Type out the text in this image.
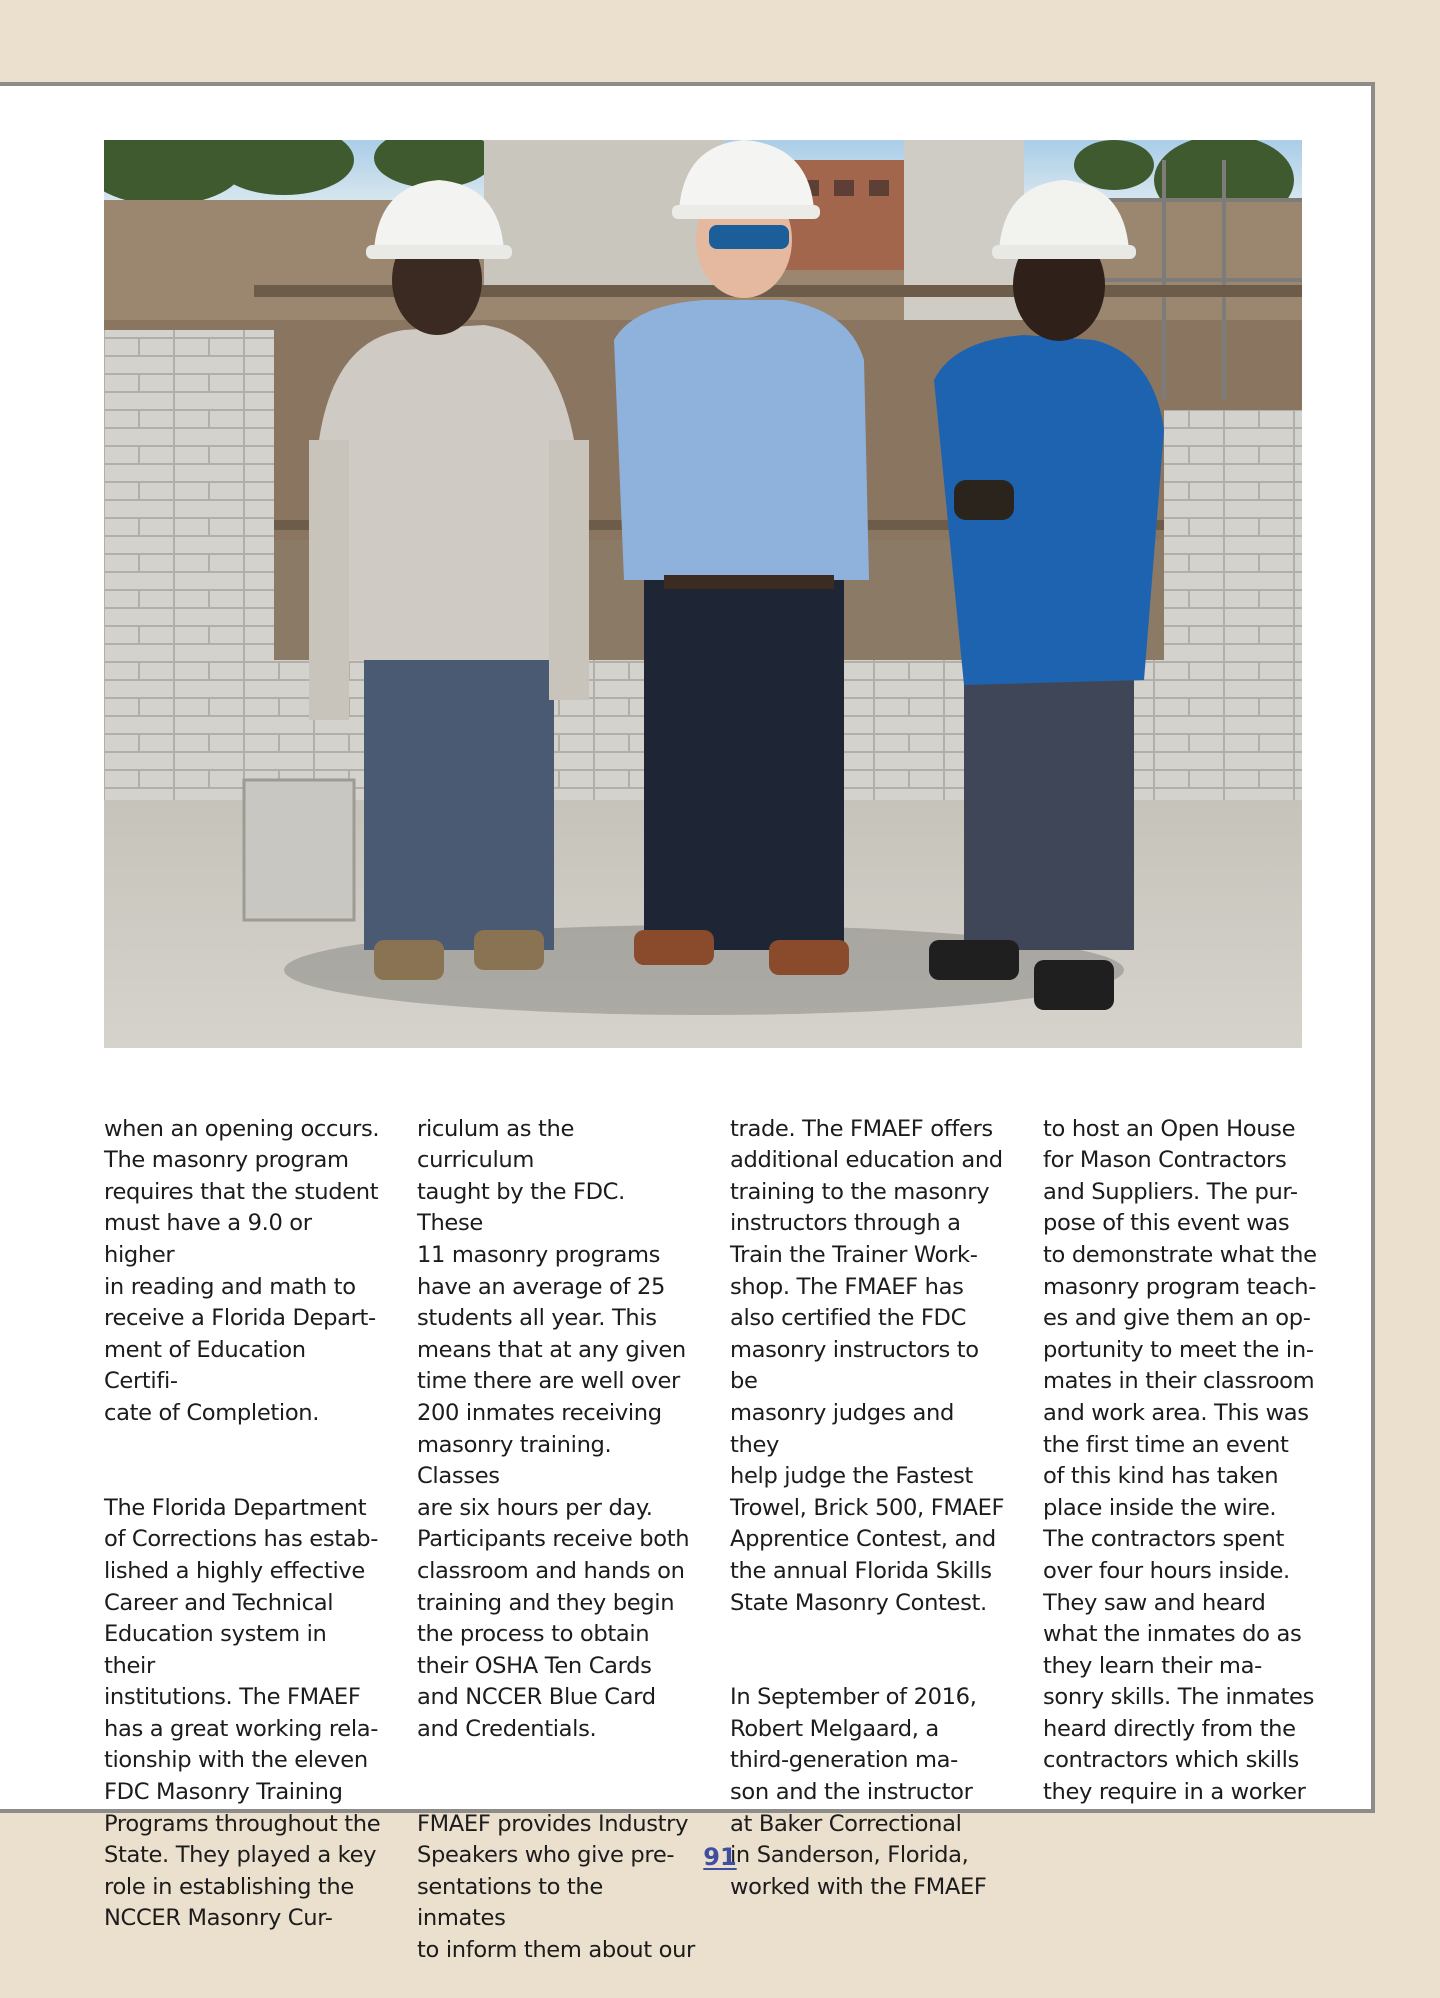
when an opening occurs.
The masonry program
requires that the student
must have a 9.0 or higher
in reading and math to
receive a Florida Depart-
ment of Education Certifi-
cate of Completion.

The Florida Department
of Corrections has estab-
lished a highly effective
Career and Technical
Education system in their
institutions. The FMAEF
has a great working rela-
tionship with the eleven
FDC Masonry Training
Programs throughout the
State. They played a key
role in establishing the
NCCER Masonry Cur-

riculum as the curriculum
taught by the FDC. These
11 masonry programs
have an average of 25
students all year. This
means that at any given
time there are well over
200 inmates receiving
masonry training. Classes
are six hours per day.
Participants receive both
classroom and hands on
training and they begin
the process to obtain
their OSHA Ten Cards
and NCCER Blue Card
and Credentials.

FMAEF provides Industry
Speakers who give pre-
sentations to the inmates
to inform them about our

trade. The FMAEF offers
additional education and
training to the masonry
instructors through a
Train the Trainer Work-
shop. The FMAEF has
also certified the FDC
masonry instructors to be
masonry judges and they
help judge the Fastest
Trowel, Brick 500, FMAEF
Apprentice Contest, and
the annual Florida Skills
State Masonry Contest.

In September of 2016,
Robert Melgaard, a
third-generation ma-
son and the instructor
at Baker Correctional
in Sanderson, Florida,
worked with the FMAEF

to host an Open House
for Mason Contractors
and Suppliers. The pur-
pose of this event was
to demonstrate what the
masonry program teach-
es and give them an op-
portunity to meet the in-
mates in their classroom
and work area. This was
the first time an event
of this kind has taken
place inside the wire.
The contractors spent
over four hours inside.
They saw and heard
what the inmates do as
they learn their ma-
sonry skills. The inmates
heard directly from the
contractors which skills
they require in a worker

91
